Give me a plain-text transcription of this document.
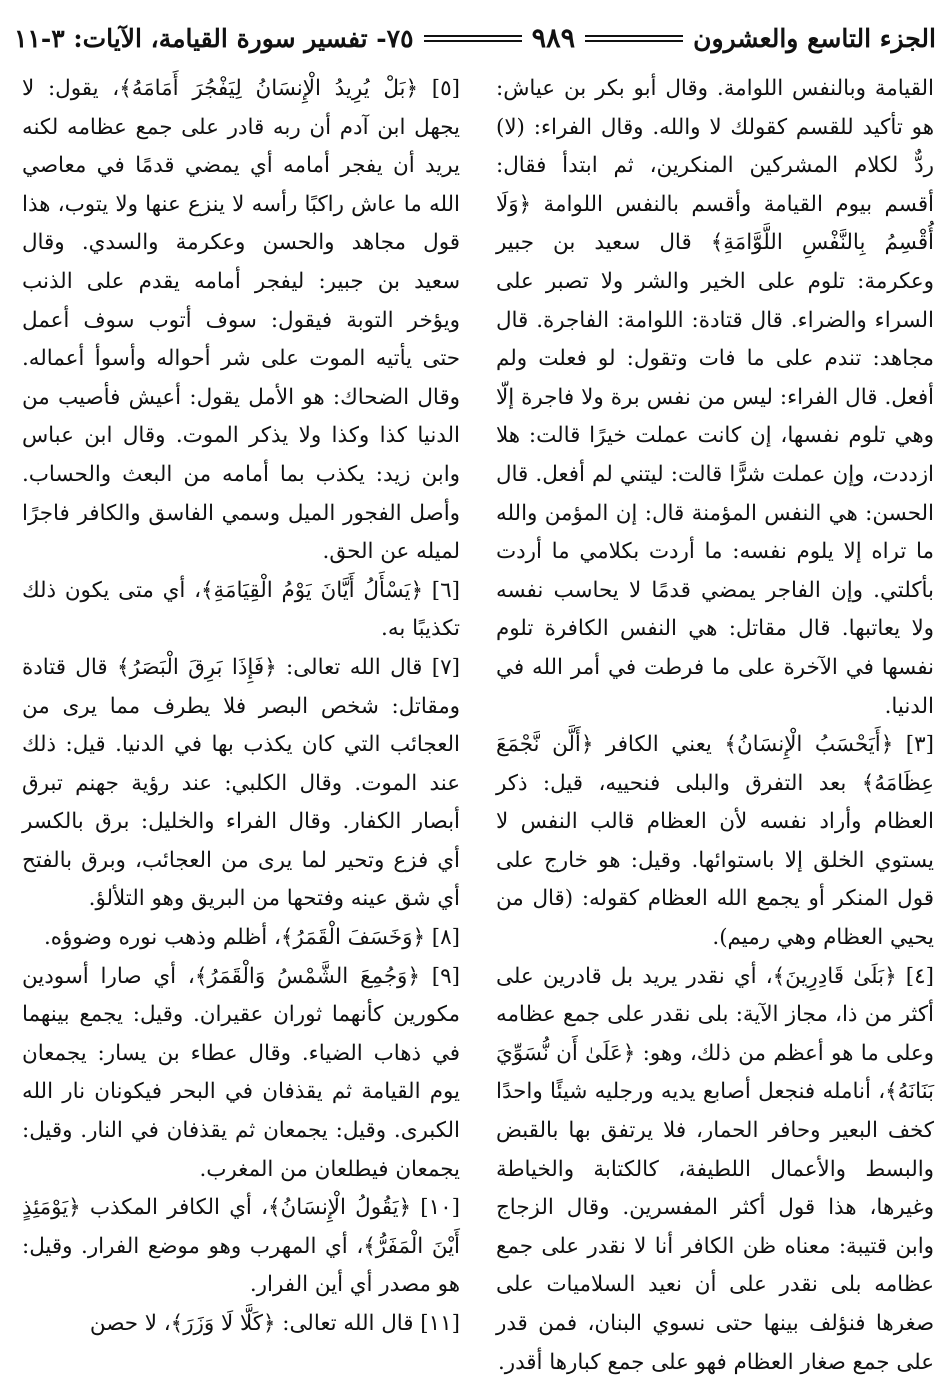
الجزء التاسع والعشرون
٩٨٩
٧٥- تفسير سورة القيامة، الآيات: ٣-١١

القيامة وبالنفس اللوامة. وقال أبو بكر بن عياش: هو تأكيد للقسم كقولك لا والله. وقال الفراء: (لا) ردٌّ لكلام المشركين المنكرين، ثم ابتدأ فقال: أقسم بيوم القيامة وأقسم بالنفس اللوامة ﴿وَلَا أُقْسِمُ بِالنَّفْسِ اللَّوَّامَةِ﴾ قال سعيد بن جبير وعكرمة: تلوم على الخير والشر ولا تصبر على السراء والضراء. قال قتادة: اللوامة: الفاجرة. قال مجاهد: تندم على ما فات وتقول: لو فعلت ولم أفعل. قال الفراء: ليس من نفس برة ولا فاجرة إلّا وهي تلوم نفسها، إن كانت عملت خيرًا قالت: هلا ازددت، وإن عملت شرًّا قالت: ليتني لم أفعل. قال الحسن: هي النفس المؤمنة قال: إن المؤمن والله ما تراه إلا يلوم نفسه: ما أردت بكلامي ما أردت بأكلتي. وإن الفاجر يمضي قدمًا لا يحاسب نفسه ولا يعاتبها. قال مقاتل: هي النفس الكافرة تلوم نفسها في الآخرة على ما فرطت في أمر الله في الدنيا.

[٣] ﴿أَيَحْسَبُ الْإِنسَانُ﴾ يعني الكافر ﴿أَلَّن نَّجْمَعَ عِظَامَهُ﴾ بعد التفرق والبلى فنحييه، قيل: ذكر العظام وأراد نفسه لأن العظام قالب النفس لا يستوي الخلق إلا باستوائها. وقيل: هو خارج على قول المنكر أو يجمع الله العظام كقوله: (قال من يحيي العظام وهي رميم).

[٤] ﴿بَلَىٰ قَادِرِينَ﴾، أي نقدر يريد بل قادرين على أكثر من ذا، مجاز الآية: بلى نقدر على جمع عظامه وعلى ما هو أعظم من ذلك، وهو: ﴿عَلَىٰ أَن نُّسَوِّيَ بَنَانَهُ﴾، أنامله فنجعل أصابع يديه ورجليه شيئًا واحدًا كخف البعير وحافر الحمار، فلا يرتفق بها بالقبض والبسط والأعمال اللطيفة، كالكتابة والخياطة وغيرها، هذا قول أكثر المفسرين. وقال الزجاج وابن قتيبة: معناه ظن الكافر أنا لا نقدر على جمع عظامه بلى نقدر على أن نعيد السلاميات على صغرها فنؤلف بينها حتى نسوي البنان، فمن قدر على جمع صغار العظام فهو على جمع كبارها أقدر.

[٥] ﴿بَلْ يُرِيدُ الْإِنسَانُ لِيَفْجُرَ أَمَامَهُ﴾، يقول: لا يجهل ابن آدم أن ربه قادر على جمع عظامه لكنه يريد أن يفجر أمامه أي يمضي قدمًا في معاصي الله ما عاش راكبًا رأسه لا ينزع عنها ولا يتوب، هذا قول مجاهد والحسن وعكرمة والسدي. وقال سعيد بن جبير: ليفجر أمامه يقدم على الذنب ويؤخر التوبة فيقول: سوف أتوب سوف أعمل حتى يأتيه الموت على شر أحواله وأسوأ أعماله. وقال الضحاك: هو الأمل يقول: أعيش فأصيب من الدنيا كذا وكذا ولا يذكر الموت. وقال ابن عباس وابن زيد: يكذب بما أمامه من البعث والحساب. وأصل الفجور الميل وسمي الفاسق والكافر فاجرًا لميله عن الحق.

[٦] ﴿يَسْأَلُ أَيَّانَ يَوْمُ الْقِيَامَةِ﴾، أي متى يكون ذلك تكذيبًا به.

[٧] قال الله تعالى: ﴿فَإِذَا بَرِقَ الْبَصَرُ﴾ قال قتادة ومقاتل: شخص البصر فلا يطرف مما يرى من العجائب التي كان يكذب بها في الدنيا. قيل: ذلك عند الموت. وقال الكلبي: عند رؤية جهنم تبرق أبصار الكفار. وقال الفراء والخليل: برق بالكسر أي فزع وتحير لما يرى من العجائب، وبرق بالفتح أي شق عينه وفتحها من البريق وهو التلألؤ.

[٨] ﴿وَخَسَفَ الْقَمَرُ﴾، أظلم وذهب نوره وضوؤه.

[٩] ﴿وَجُمِعَ الشَّمْسُ وَالْقَمَرُ﴾، أي صارا أسودين مكورين كأنهما ثوران عقيران. وقيل: يجمع بينهما في ذهاب الضياء. وقال عطاء بن يسار: يجمعان يوم القيامة ثم يقذفان في البحر فيكونان نار الله الكبرى. وقيل: يجمعان ثم يقذفان في النار. وقيل: يجمعان فيطلعان من المغرب.

[١٠] ﴿يَقُولُ الْإِنسَانُ﴾، أي الكافر المكذب ﴿يَوْمَئِذٍ أَيْنَ الْمَفَرُّ﴾، أي المهرب وهو موضع الفرار. وقيل: هو مصدر أي أين الفرار.

[١١] قال الله تعالى: ﴿كَلَّا لَا وَزَرَ﴾، لا حصن
